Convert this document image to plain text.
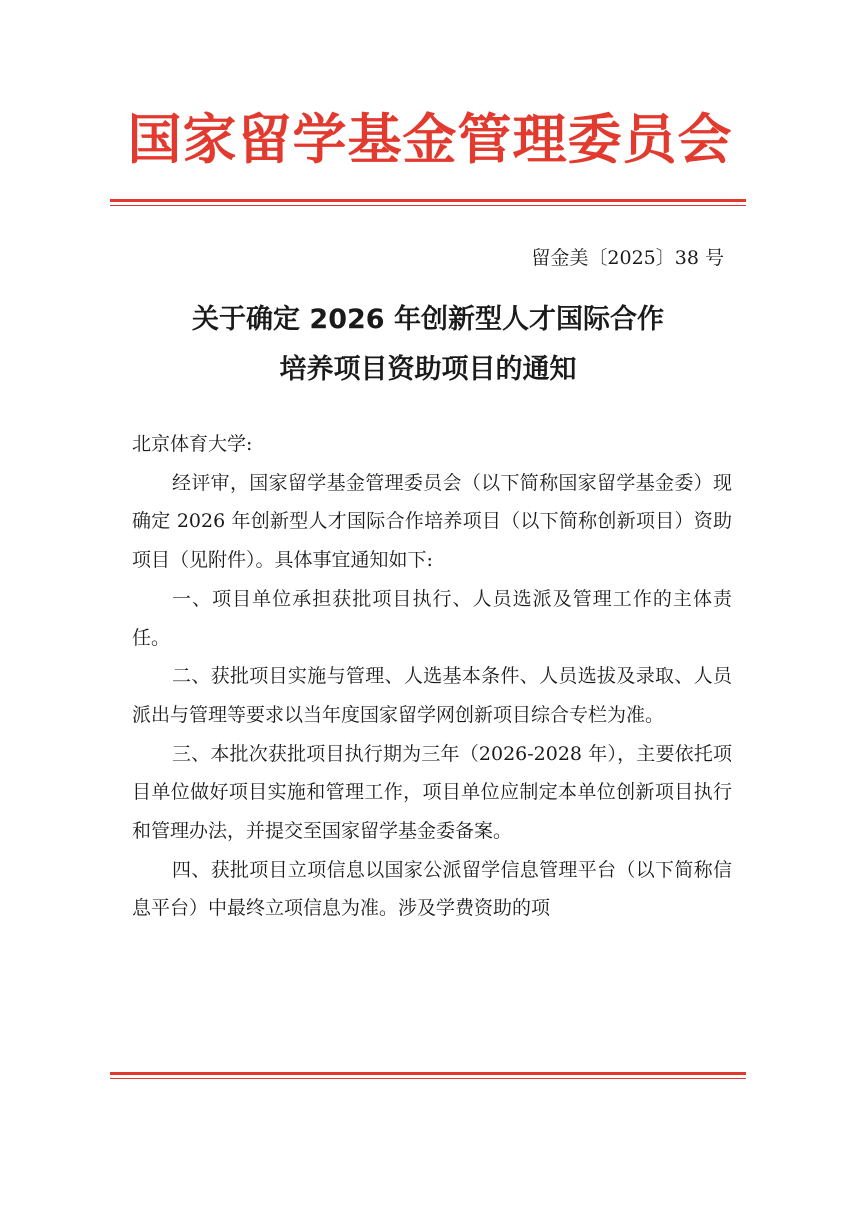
国家留学基金管理委员会
留金美〔2025〕38 号
关于确定 2026 年创新型人才国际合作
培养项目资助项目的通知

北京体育大学:

经评审，国家留学基金管理委员会（以下简称国家留学基金委）现确定 2026 年创新型人才国际合作培养项目（以下简称创新项目）资助项目（见附件）。具体事宜通知如下:

一、项目单位承担获批项目执行、人员选派及管理工作的主体责任。

二、获批项目实施与管理、人选基本条件、人员选拔及录取、人员派出与管理等要求以当年度国家留学网创新项目综合专栏为准。

三、本批次获批项目执行期为三年（2026-2028 年），主要依托项目单位做好项目实施和管理工作，项目单位应制定本单位创新项目执行和管理办法，并提交至国家留学基金委备案。

四、获批项目立项信息以国家公派留学信息管理平台（以下简称信息平台）中最终立项信息为准。涉及学费资助的项
